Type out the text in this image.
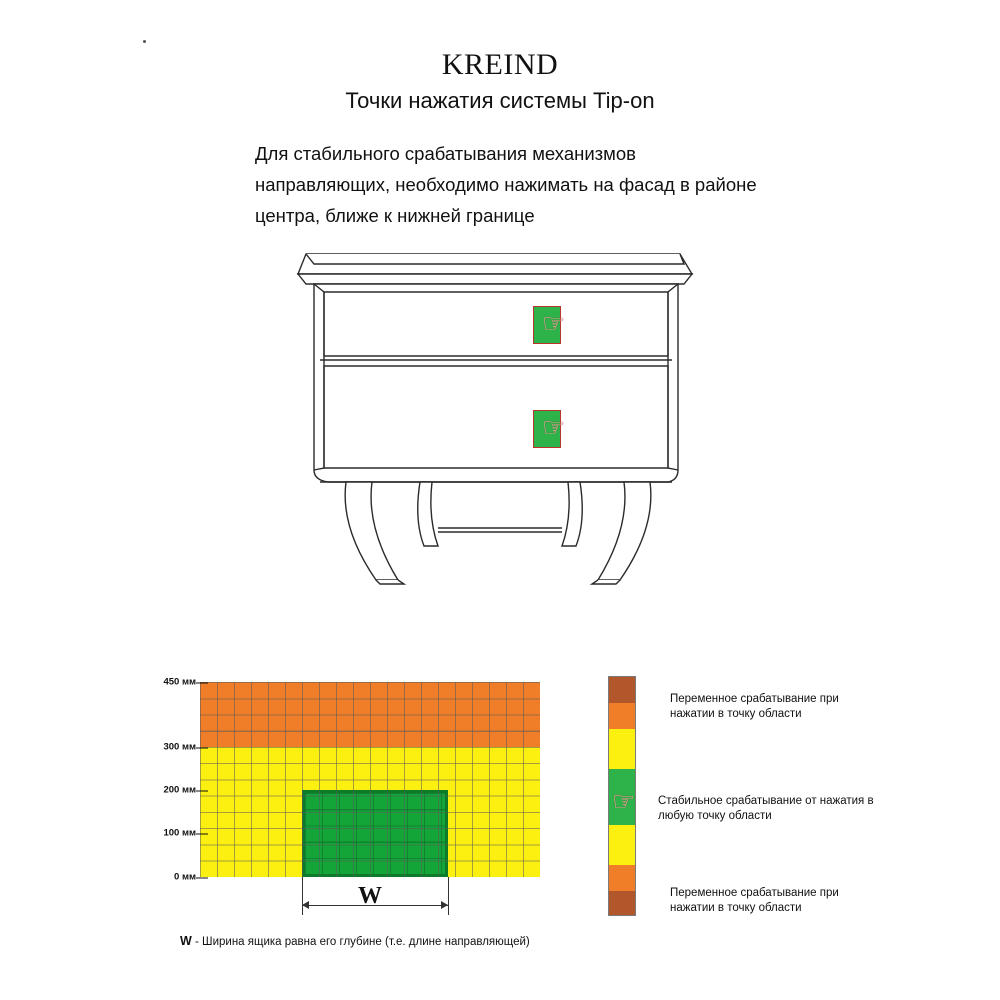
KREIND
Точки нажатия системы Tip-on
Для стабильного срабатывания механизмов направляющих, необходимо нажимать на фасад в районе центра, ближе к нижней границе
☞
☞
450 мм
300 мм
200 мм
100 мм
0 мм
W
W - Ширина ящика равна его глубине (т.е. длине направляющей)
☞
Переменное срабатывание при нажатии в точку области
Стабильное срабатывание от нажатия в любую точку области
Переменное срабатывание при нажатии в точку области
